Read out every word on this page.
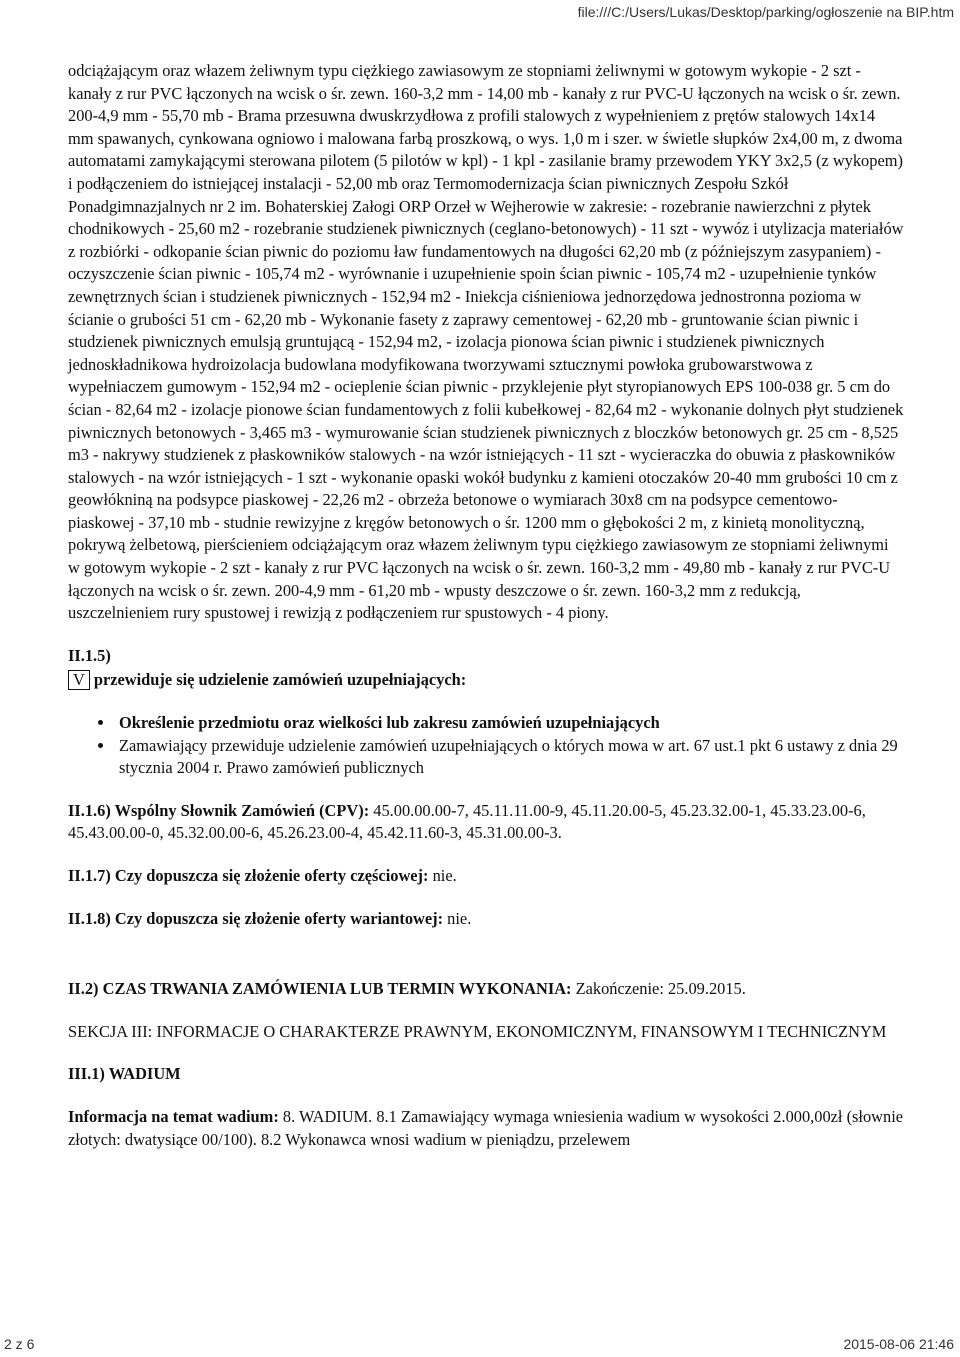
file:///C:/Users/Lukas/Desktop/parking/ogłoszenie na BIP.htm

odciążającym oraz włazem żeliwnym typu ciężkiego zawiasowym ze stopniami żeliwnymi w gotowym wykopie - 2 szt - kanały z rur PVC łączonych na wcisk o śr. zewn. 160-3,2 mm - 14,00 mb - kanały z rur PVC-U łączonych na wcisk o śr. zewn. 200-4,9 mm - 55,70 mb - Brama przesuwna dwuskrzydłowa z profili stalowych z wypełnieniem z prętów stalowych 14x14 mm spawanych, cynkowana ogniowo i malowana farbą proszkową, o wys. 1,0 m i szer. w świetle słupków 2x4,00 m, z dwoma automatami zamykającymi sterowana pilotem (5 pilotów w kpl) - 1 kpl - zasilanie bramy przewodem YKY 3x2,5 (z wykopem) i podłączeniem do istniejącej instalacji - 52,00 mb oraz Termomodernizacja ścian piwnicznych Zespołu Szkół Ponadgimnazjalnych nr 2 im. Bohaterskiej Załogi ORP Orzeł w Wejherowie w zakresie: - rozebranie nawierzchni z płytek chodnikowych - 25,60 m2 - rozebranie studzienek piwnicznych (ceglano-betonowych) - 11 szt - wywóz i utylizacja materiałów z rozbiórki - odkopanie ścian piwnic do poziomu ław fundamentowych na długości 62,20 mb (z późniejszym zasypaniem) - oczyszczenie ścian piwnic - 105,74 m2 - wyrównanie i uzupełnienie spoin ścian piwnic - 105,74 m2 - uzupełnienie tynków zewnętrznych ścian i studzienek piwnicznych - 152,94 m2 - Iniekcja ciśnieniowa jednorzędowa jednostronna pozioma w ścianie o grubości 51 cm - 62,20 mb - Wykonanie fasety z zaprawy cementowej - 62,20 mb - gruntowanie ścian piwnic i studzienek piwnicznych emulsją gruntującą - 152,94 m2, - izolacja pionowa ścian piwnic i studzienek piwnicznych jednoskładnikowa hydroizolacja budowlana modyfikowana tworzywami sztucznymi powłoka grubowarstwowa z wypełniaczem gumowym - 152,94 m2 - ocieplenie ścian piwnic - przyklejenie płyt styropianowych EPS 100-038 gr. 5 cm do ścian - 82,64 m2 - izolacje pionowe ścian fundamentowych z folii kubełkowej - 82,64 m2 - wykonanie dolnych płyt studzienek piwnicznych betonowych - 3,465 m3 - wymurowanie ścian studzienek piwnicznych z bloczków betonowych gr. 25 cm - 8,525 m3 - nakrywy studzienek z płaskowników stalowych - na wzór istniejących - 11 szt - wycieraczka do obuwia z płaskowników stalowych - na wzór istniejących - 1 szt - wykonanie opaski wokół budynku z kamieni otoczaków 20-40 mm grubości 10 cm z geowłókniną na podsypce piaskowej - 22,26 m2 - obrzeża betonowe o wymiarach 30x8 cm na podsypce cementowo-piaskowej - 37,10 mb - studnie rewizyjne z kręgów betonowych o śr. 1200 mm o głębokości 2 m, z kinietą monolityczną, pokrywą żelbetową, pierścieniem odciążającym oraz włazem żeliwnym typu ciężkiego zawiasowym ze stopniami żeliwnymi w gotowym wykopie - 2 szt - kanały z rur PVC łączonych na wcisk o śr. zewn. 160-3,2 mm - 49,80 mb - kanały z rur PVC-U łączonych na wcisk o śr. zewn. 200-4,9 mm - 61,20 mb - wpusty deszczowe o śr. zewn. 160-3,2 mm z redukcją, uszczelnieniem rury spustowej i rewizją z podłączeniem rur spustowych - 4 piony.

II.1.5)

V przewiduje się udzielenie zamówień uzupełniających:

• Określenie przedmiotu oraz wielkości lub zakresu zamówień uzupełniających
• Zamawiający przewiduje udzielenie zamówień uzupełniających o których mowa w art. 67 ust.1 pkt 6 ustawy z dnia 29 stycznia 2004 r. Prawo zamówień publicznych

II.1.6) Wspólny Słownik Zamówień (CPV): 45.00.00.00-7, 45.11.11.00-9, 45.11.20.00-5, 45.23.32.00-1, 45.33.23.00-6, 45.43.00.00-0, 45.32.00.00-6, 45.26.23.00-4, 45.42.11.60-3, 45.31.00.00-3.

II.1.7) Czy dopuszcza się złożenie oferty częściowej: nie.

II.1.8) Czy dopuszcza się złożenie oferty wariantowej: nie.

II.2) CZAS TRWANIA ZAMÓWIENIA LUB TERMIN WYKONANIA: Zakończenie: 25.09.2015.

SEKCJA III: INFORMACJE O CHARAKTERZE PRAWNYM, EKONOMICZNYM, FINANSOWYM I TECHNICZNYM

III.1) WADIUM

Informacja na temat wadium: 8. WADIUM. 8.1 Zamawiający wymaga wniesienia wadium w wysokości 2.000,00zł (słownie złotych: dwatysiące 00/100). 8.2 Wykonawca wnosi wadium w pieniądzu, przelewem

2 z 6	2015-08-06 21:46
